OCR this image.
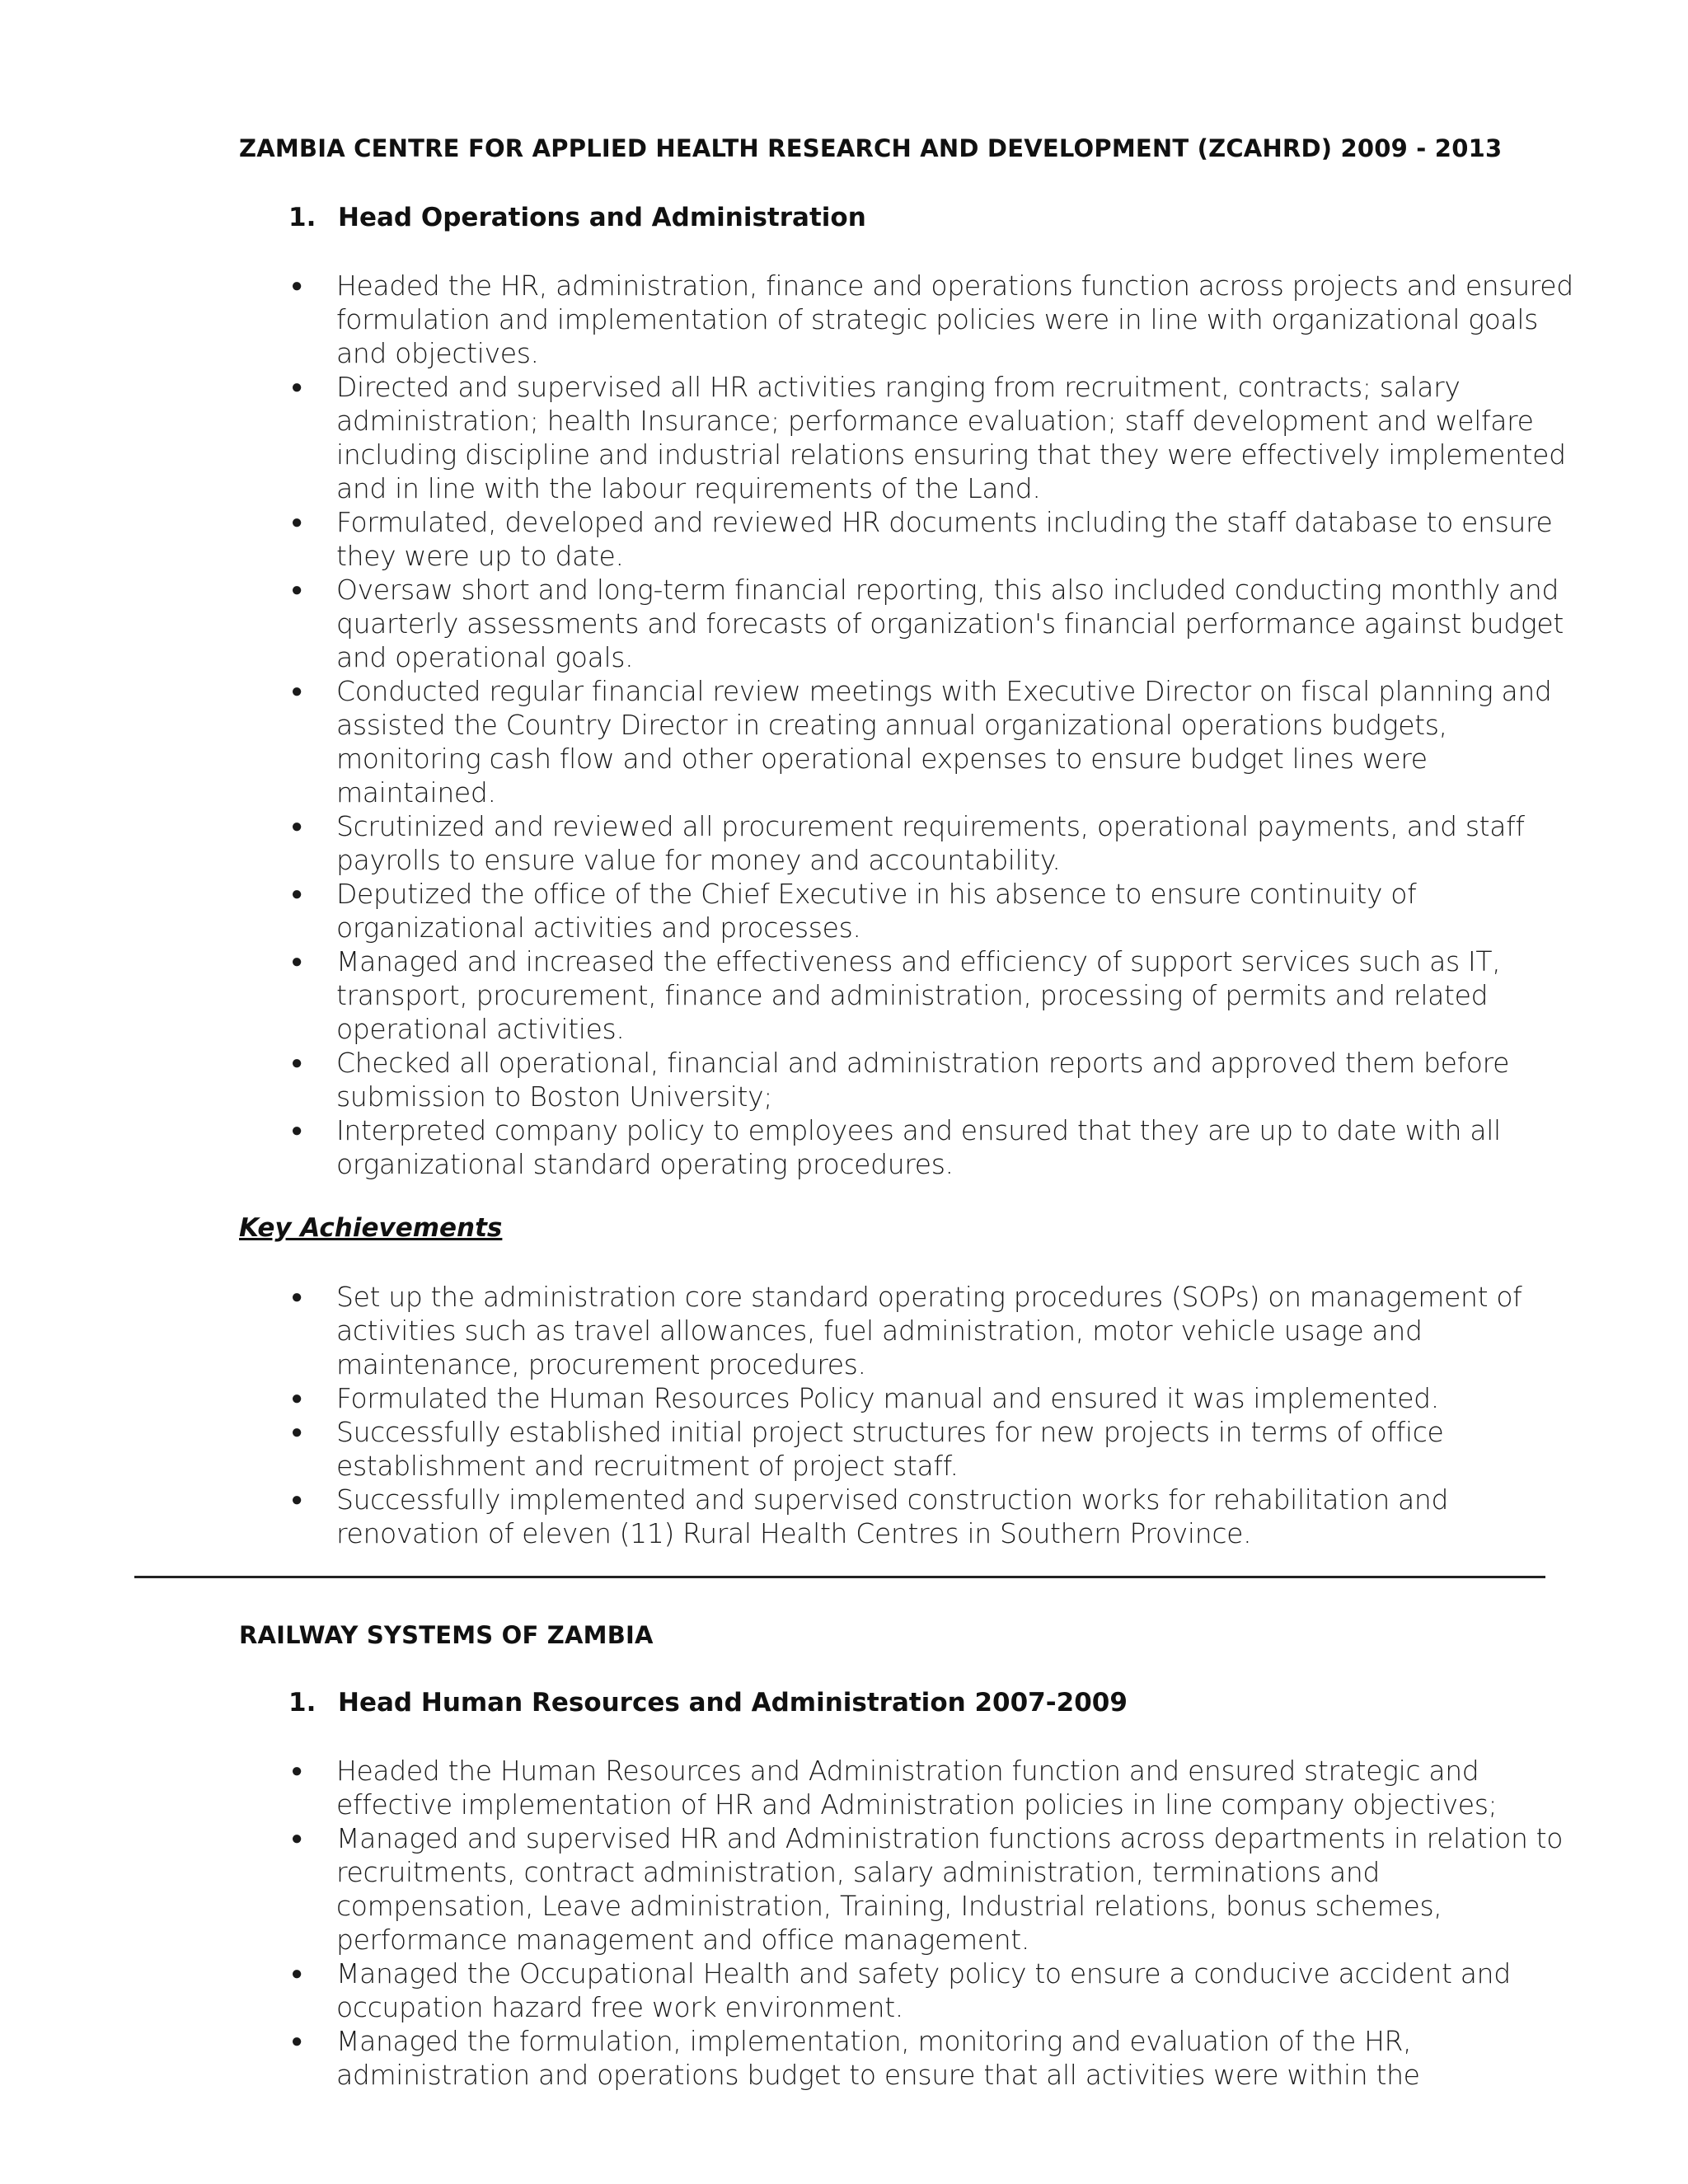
ZAMBIA CENTRE FOR APPLIED HEALTH RESEARCH AND DEVELOPMENT (ZCAHRD) 2009 - 2013
1. Head Operations and Administration
● Headed the HR, administration, finance and operations function across projects and ensured formulation and implementation of strategic policies were in line with organizational goals and objectives.
● Directed and supervised all HR activities ranging from recruitment, contracts; salary administration; health Insurance; performance evaluation; staff development and welfare including discipline and industrial relations ensuring that they were effectively implemented and in line with the labour requirements of the Land.
● Formulated, developed and reviewed HR documents including the staff database to ensure they were up to date.
● Oversaw short and long-term financial reporting, this also included conducting monthly and quarterly assessments and forecasts of organization's financial performance against budget and operational goals.
● Conducted regular financial review meetings with Executive Director on fiscal planning and assisted the Country Director in creating annual organizational operations budgets, monitoring cash flow and other operational expenses to ensure budget lines were maintained.
● Scrutinized and reviewed all procurement requirements, operational payments, and staff payrolls to ensure value for money and accountability.
● Deputized the office of the Chief Executive in his absence to ensure continuity of organizational activities and processes.
● Managed and increased the effectiveness and efficiency of support services such as IT, transport, procurement, finance and administration, processing of permits and related operational activities.
● Checked all operational, financial and administration reports and approved them before submission to Boston University;
● Interpreted company policy to employees and ensured that they are up to date with all organizational standard operating procedures.
Key Achievements
● Set up the administration core standard operating procedures (SOPs) on management of activities such as travel allowances, fuel administration, motor vehicle usage and maintenance, procurement procedures.
● Formulated the Human Resources Policy manual and ensured it was implemented.
● Successfully established initial project structures for new projects in terms of office establishment and recruitment of project staff.
● Successfully implemented and supervised construction works for rehabilitation and renovation of eleven (11) Rural Health Centres in Southern Province.
RAILWAY SYSTEMS OF ZAMBIA
1. Head Human Resources and Administration 2007-2009
● Headed the Human Resources and Administration function and ensured strategic and effective implementation of HR and Administration policies in line company objectives;
● Managed and supervised HR and Administration functions across departments in relation to recruitments, contract administration, salary administration, terminations and compensation, Leave administration, Training, Industrial relations, bonus schemes, performance management and office management.
● Managed the Occupational Health and safety policy to ensure a conducive accident and occupation hazard free work environment.
● Managed the formulation, implementation, monitoring and evaluation of the HR, administration and operations budget to ensure that all activities were within the
